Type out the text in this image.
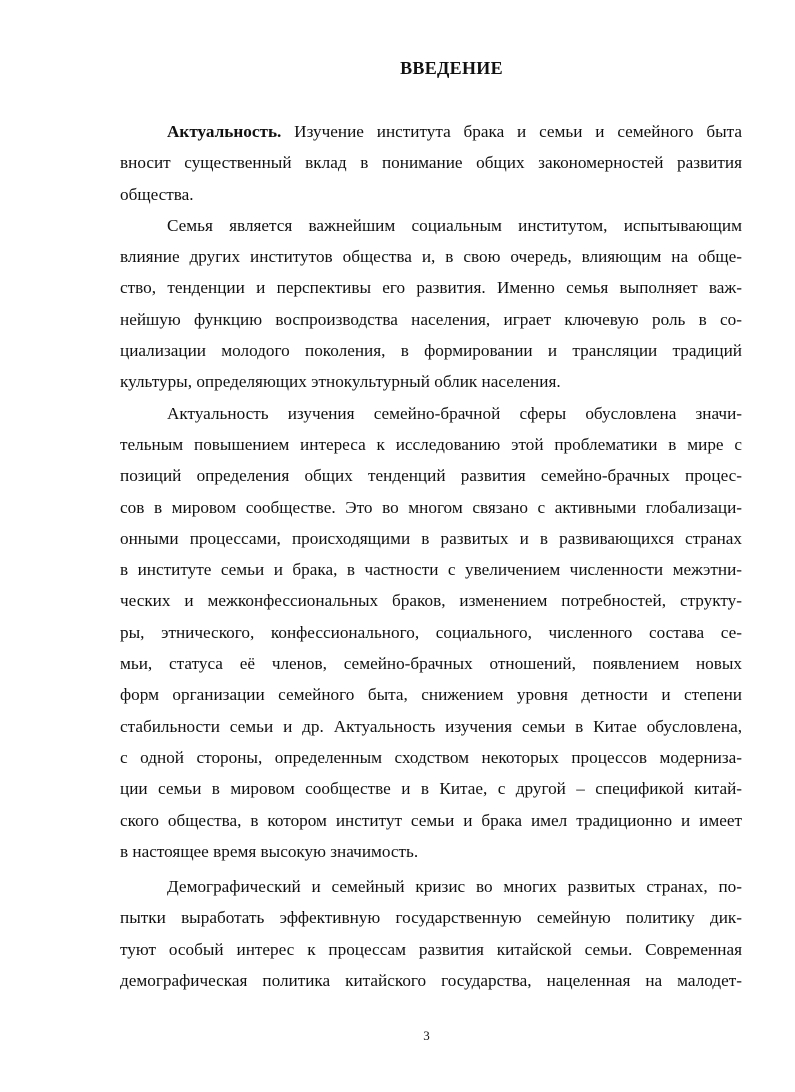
ВВЕДЕНИЕ
Актуальность. Изучение института брака и семьи и семейного быта
вносит существенный вклад в понимание общих закономерностей развития
общества.
Семья является важнейшим социальным институтом, испытывающим
влияние других институтов общества и, в свою очередь, влияющим на обще-
ство, тенденции и перспективы его развития. Именно семья выполняет важ-
нейшую функцию воспроизводства населения, играет ключевую роль в со-
циализации молодого поколения, в формировании и трансляции традиций
культуры, определяющих этнокультурный облик населения.
Актуальность изучения семейно-брачной сферы обусловлена значи-
тельным повышением интереса к исследованию этой проблематики в мире с
позиций определения общих тенденций развития семейно-брачных процес-
сов в мировом сообществе. Это во многом связано с активными глобализаци-
онными процессами, происходящими в развитых и в развивающихся странах
в институте семьи и брака, в частности с увеличением численности межэтни-
ческих и межконфессиональных браков, изменением потребностей, структу-
ры, этнического, конфессионального, социального, численного состава се-
мьи, статуса её членов, семейно-брачных отношений, появлением новых
форм организации семейного быта, снижением уровня детности и степени
стабильности семьи и др. Актуальность изучения семьи в Китае обусловлена,
с одной стороны, определенным сходством некоторых процессов модерниза-
ции семьи в мировом сообществе и в Китае, с другой – спецификой китай-
ского общества, в котором институт семьи и брака имел традиционно и имеет
в настоящее время высокую значимость.
Демографический и семейный кризис во многих развитых странах, по-
пытки выработать эффективную государственную семейную политику дик-
туют особый интерес к процессам развития китайской семьи. Современная
демографическая политика китайского государства, нацеленная на малодет-
3
